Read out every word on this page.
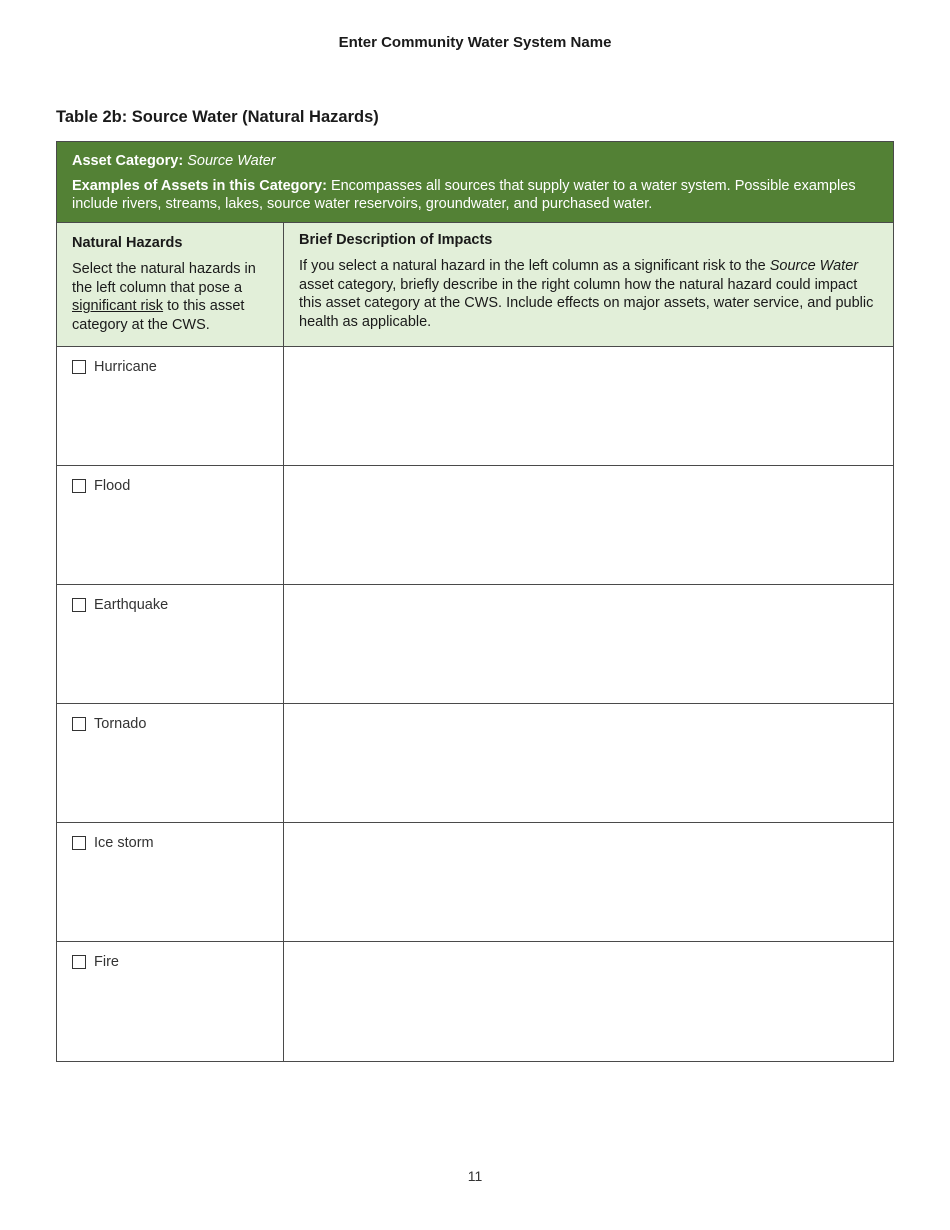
Enter Community Water System Name
Table 2b: Source Water (Natural Hazards)

Asset Category: Source Water

Examples of Assets in this Category: Encompasses all sources that supply water to a water system. Possible examples include rivers, streams, lakes, source water reservoirs, groundwater, and purchased water.

Natural Hazards
Select the natural hazards in the left column that pose a significant risk to this asset category at the CWS.
Brief Description of Impacts
If you select a natural hazard in the left column as a significant risk to the Source Water asset category, briefly describe in the right column how the natural hazard could impact this asset category at the CWS. Include effects on major assets, water service, and public health as applicable.
Hurricane
Flood
Earthquake
Tornado
Ice storm
Fire
11
